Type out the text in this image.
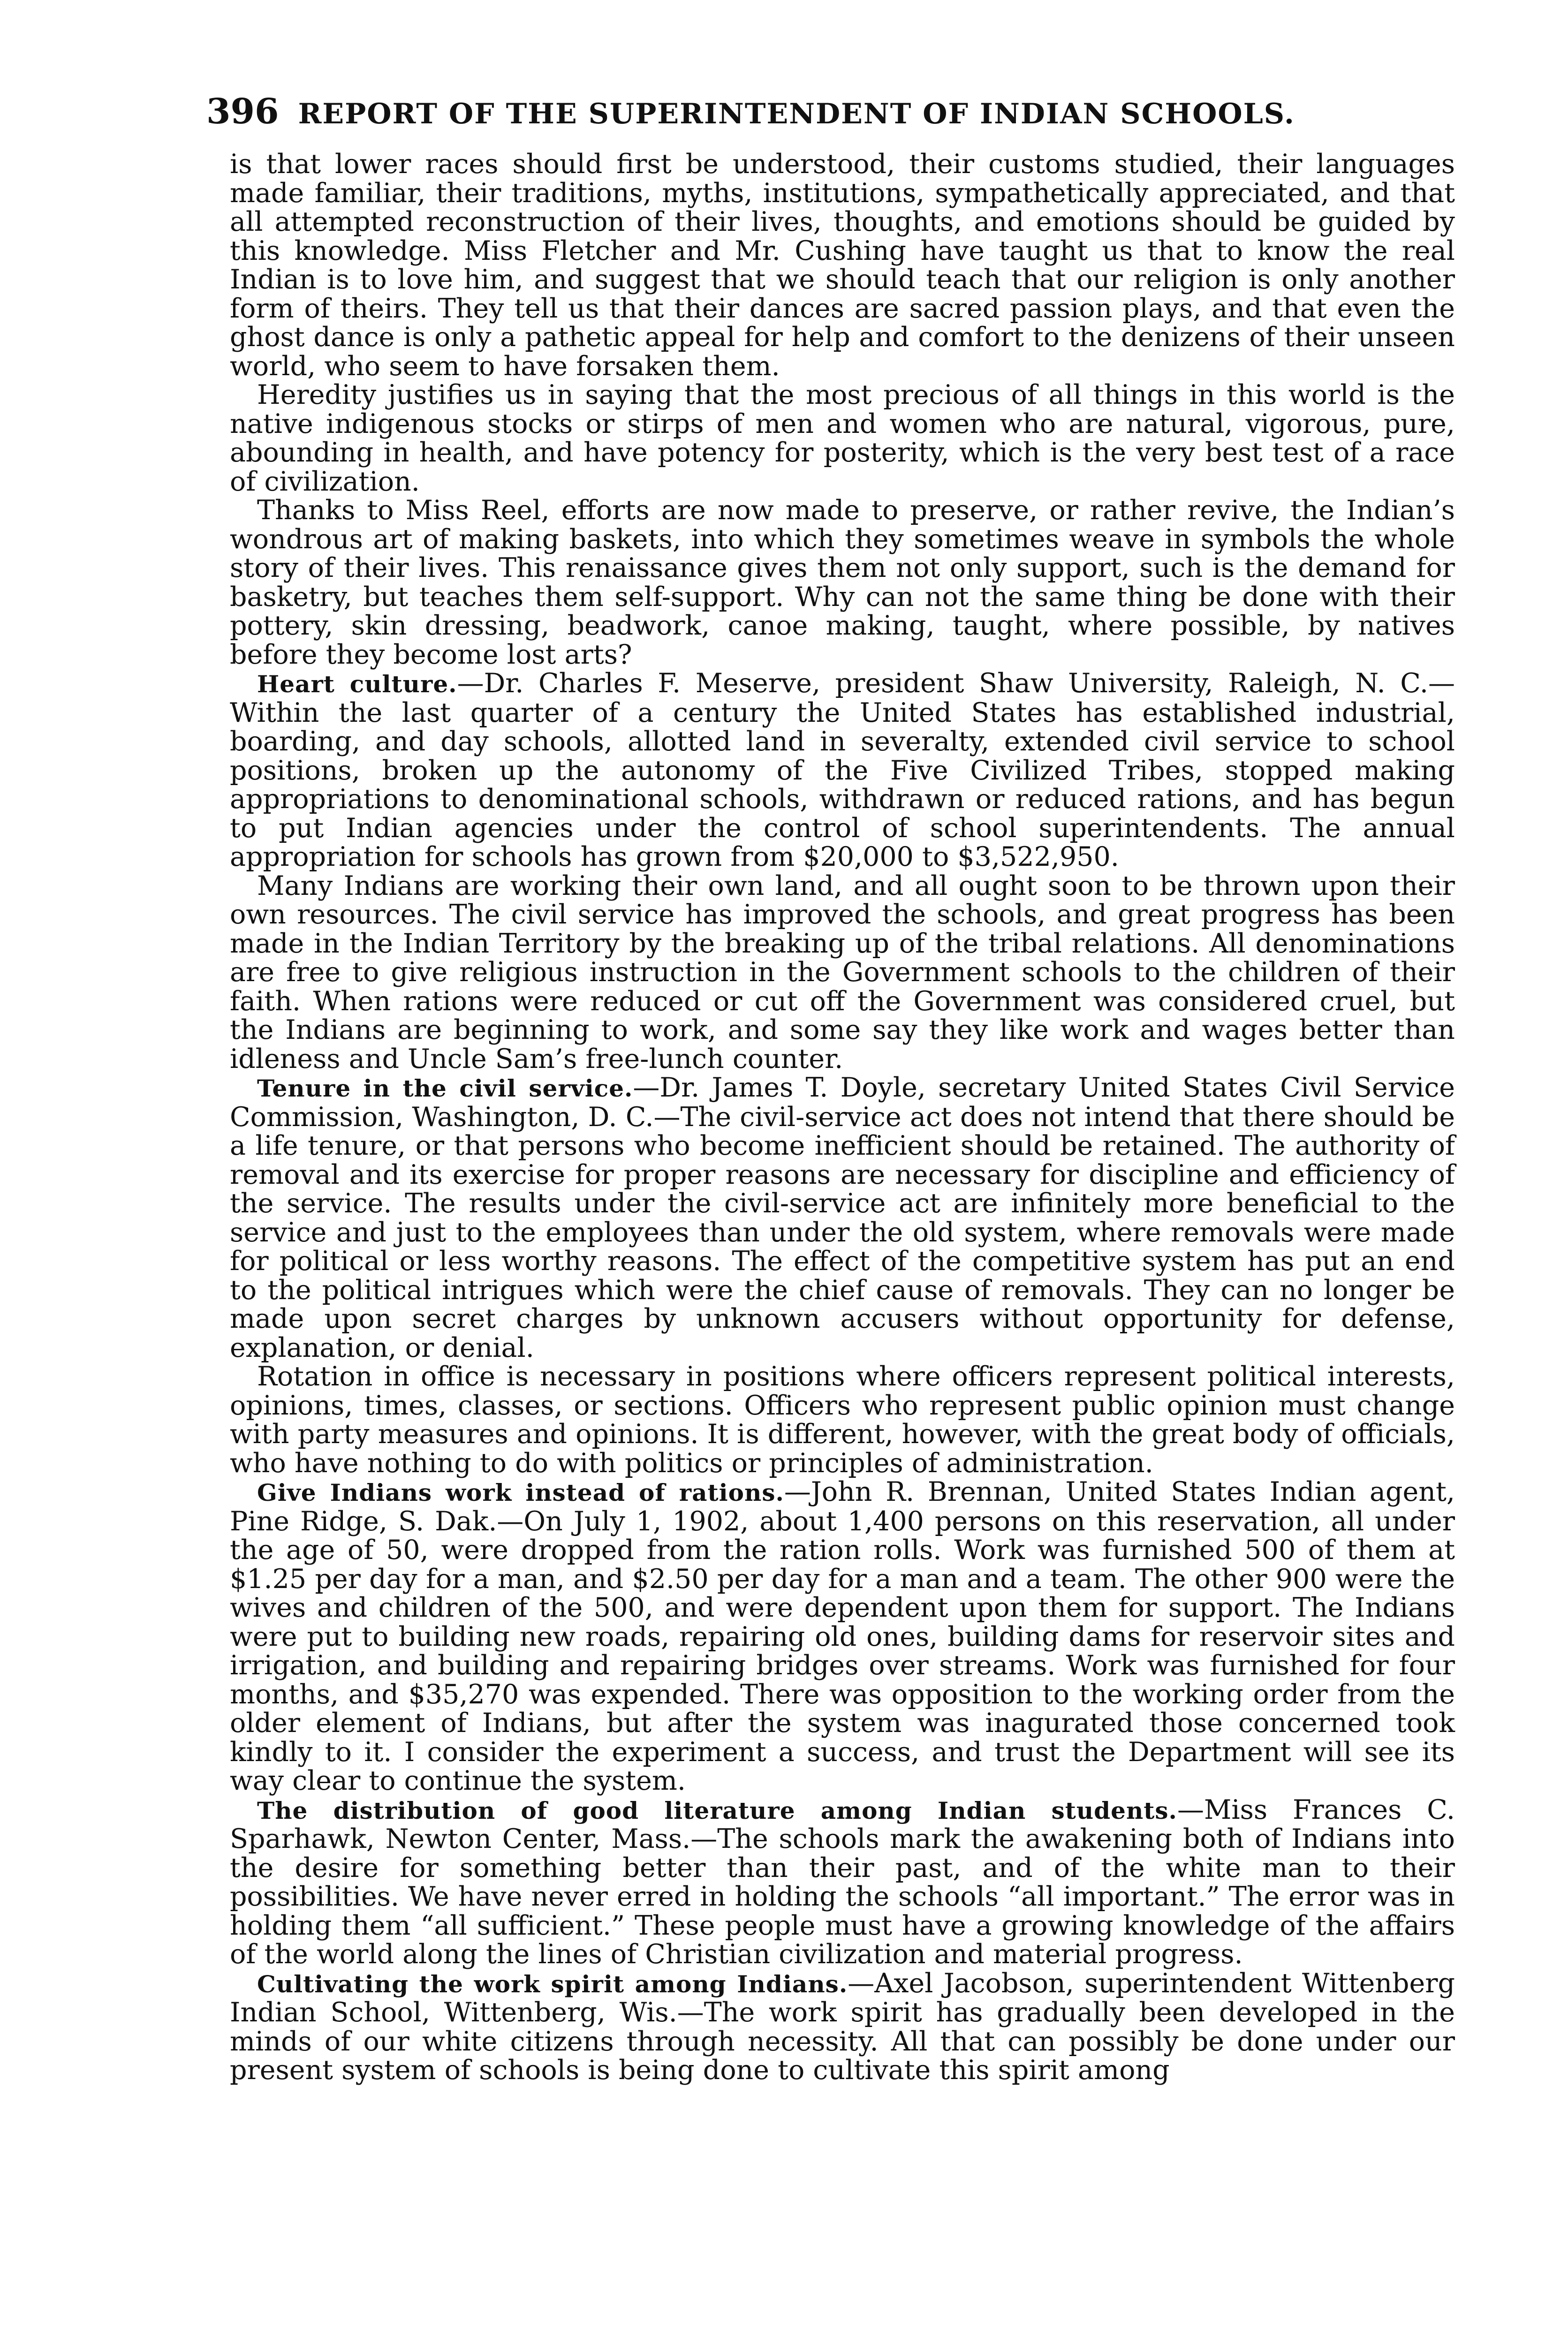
396 REPORT OF THE SUPERINTENDENT OF INDIAN SCHOOLS.

is that lower races should first be understood, their customs studied, their languages made familiar, their traditions, myths, institutions, sympathetically appreciated, and that all attempted reconstruction of their lives, thoughts, and emotions should be guided by this knowledge. Miss Fletcher and Mr. Cushing have taught us that to know the real Indian is to love him, and suggest that we should teach that our religion is only another form of theirs. They tell us that their dances are sacred passion plays, and that even the ghost dance is only a pathetic appeal for help and comfort to the denizens of their unseen world, who seem to have forsaken them.

Heredity justifies us in saying that the most precious of all things in this world is the native indigenous stocks or stirps of men and women who are natural, vigorous, pure, abounding in health, and have potency for posterity, which is the very best test of a race of civilization.

Thanks to Miss Reel, efforts are now made to preserve, or rather revive, the Indian’s wondrous art of making baskets, into which they sometimes weave in symbols the whole story of their lives. This renaissance gives them not only support, such is the demand for basketry, but teaches them self-support. Why can not the same thing be done with their pottery, skin dressing, beadwork, canoe making, taught, where possible, by natives before they become lost arts?

Heart culture.—Dr. Charles F. Meserve, president Shaw University, Raleigh, N. C.—Within the last quarter of a century the United States has established industrial, boarding, and day schools, allotted land in severalty, extended civil service to school positions, broken up the autonomy of the Five Civilized Tribes, stopped making appropriations to denominational schools, withdrawn or reduced rations, and has begun to put Indian agencies under the control of school superintendents. The annual appropriation for schools has grown from $20,000 to $3,522,950.

Many Indians are working their own land, and all ought soon to be thrown upon their own resources. The civil service has improved the schools, and great progress has been made in the Indian Territory by the breaking up of the tribal relations. All denominations are free to give religious instruction in the Government schools to the children of their faith. When rations were reduced or cut off the Government was considered cruel, but the Indians are beginning to work, and some say they like work and wages better than idleness and Uncle Sam’s free-lunch counter.

Tenure in the civil service.—Dr. James T. Doyle, secretary United States Civil Service Commission, Washington, D. C.—The civil-service act does not intend that there should be a life tenure, or that persons who become inefficient should be retained. The authority of removal and its exercise for proper reasons are necessary for discipline and efficiency of the service. The results under the civil-service act are infinitely more beneficial to the service and just to the employees than under the old system, where removals were made for political or less worthy reasons. The effect of the competitive system has put an end to the political intrigues which were the chief cause of removals. They can no longer be made upon secret charges by unknown accusers without opportunity for defense, explanation, or denial.

Rotation in office is necessary in positions where officers represent political interests, opinions, times, classes, or sections. Officers who represent public opinion must change with party measures and opinions. It is different, however, with the great body of officials, who have nothing to do with politics or principles of administration.

Give Indians work instead of rations.—John R. Brennan, United States Indian agent, Pine Ridge, S. Dak.—On July 1, 1902, about 1,400 persons on this reservation, all under the age of 50, were dropped from the ration rolls. Work was furnished 500 of them at $1.25 per day for a man, and $2.50 per day for a man and a team. The other 900 were the wives and children of the 500, and were dependent upon them for support. The Indians were put to building new roads, repairing old ones, building dams for reservoir sites and irrigation, and building and repairing bridges over streams. Work was furnished for four months, and $35,270 was expended. There was opposition to the working order from the older element of Indians, but after the system was inagurated those concerned took kindly to it. I consider the experiment a success, and trust the Department will see its way clear to continue the system.

The distribution of good literature among Indian students.—Miss Frances C. Sparhawk, Newton Center, Mass.—The schools mark the awakening both of Indians into the desire for something better than their past, and of the white man to their possibilities. We have never erred in holding the schools “all important.” The error was in holding them “all sufficient.” These people must have a growing knowledge of the affairs of the world along the lines of Christian civilization and material progress.

Cultivating the work spirit among Indians.—Axel Jacobson, superintendent Wittenberg Indian School, Wittenberg, Wis.—The work spirit has gradually been developed in the minds of our white citizens through necessity. All that can possibly be done under our present system of schools is being done to cultivate this spirit among
